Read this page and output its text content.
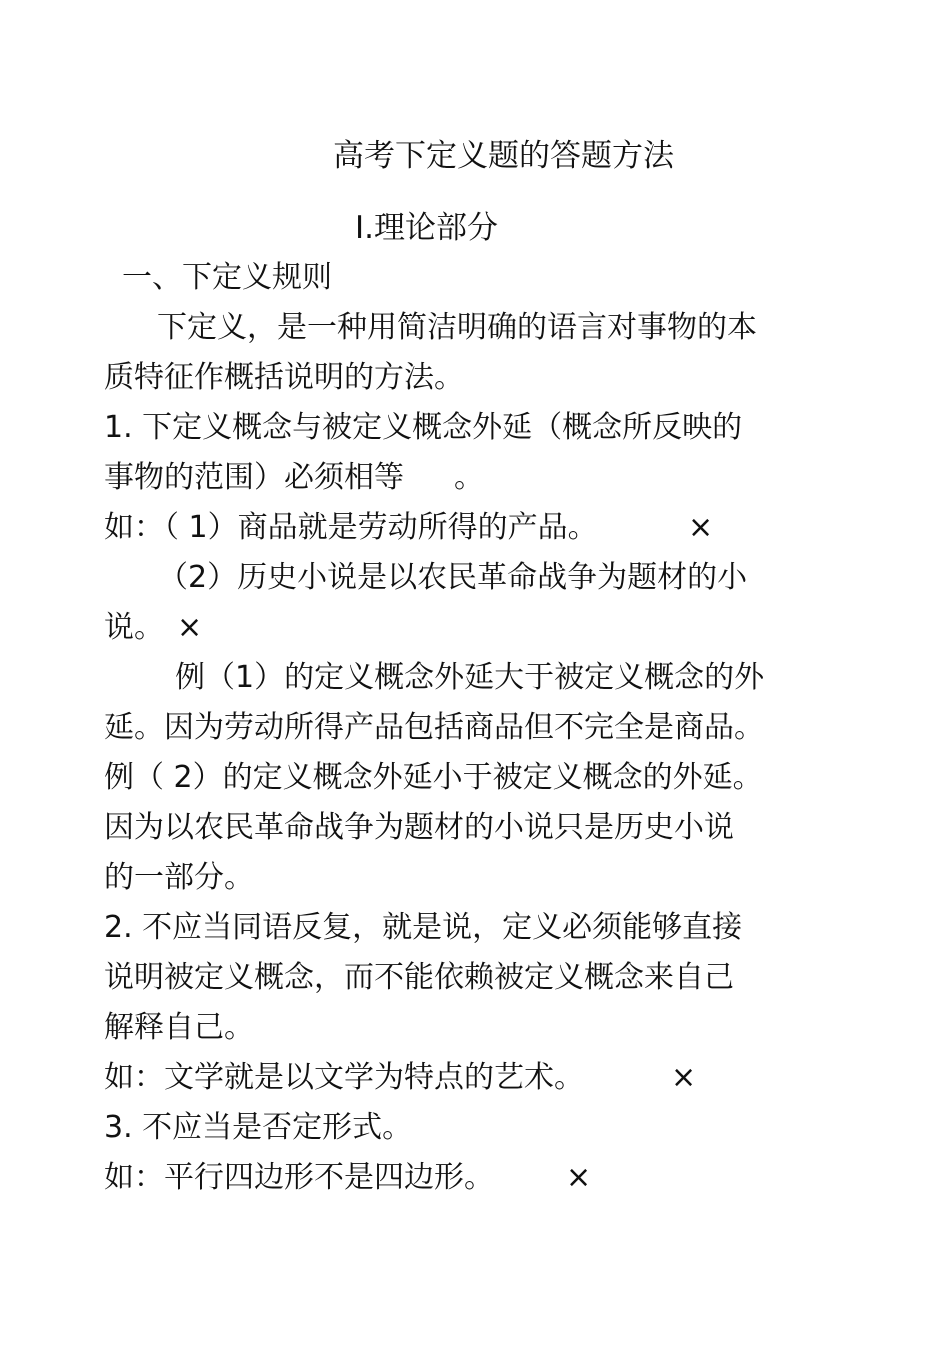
高考下定义题的答题方法
Ⅰ.理论部分
一、下定义规则
下定义，是一种用简洁明确的语言对事物的本
质特征作概括说明的方法。
1. 下定义概念与被定义概念外延（概念所反映的
事物的范围）必须相等 。
如：（ 1）商品就是劳动所得的产品。	×
（2）历史小说是以农民革命战争为题材的小
说。 ×
例（1）的定义概念外延大于被定义概念的外
延。因为劳动所得产品包括商品但不完全是商品。
例（ 2）的定义概念外延小于被定义概念的外延。
因为以农民革命战争为题材的小说只是历史小说
的一部分。
2. 不应当同语反复，就是说，定义必须能够直接
说明被定义概念，而不能依赖被定义概念来自己
解释自己。
如：文学就是以文学为特点的艺术。	×
3. 不应当是否定形式。
如：平行四边形不是四边形。 ×
